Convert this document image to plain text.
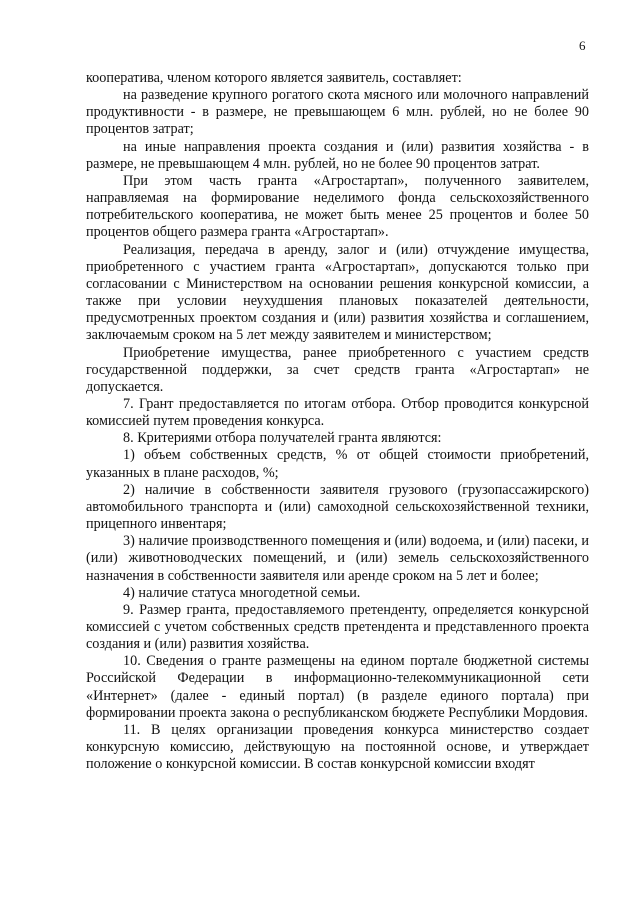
6

кооператива, членом которого является заявитель, составляет:

на разведение крупного рогатого скота мясного или молочного направлений продуктивности - в размере, не превышающем 6 млн. рублей, но не более 90 процентов затрат;

на иные направления проекта создания и (или) развития хозяйства - в размере, не превышающем 4 млн. рублей, но не более 90 процентов затрат.

При этом часть гранта «Агростартап», полученного заявителем, направляемая на формирование неделимого фонда сельскохозяйственного потребительского кооператива, не может быть менее 25 процентов и более 50 процентов общего размера гранта «Агростартап».

Реализация, передача в аренду, залог и (или) отчуждение имущества, приобретенного с участием гранта «Агростартап», допускаются только при согласовании с Министерством на основании решения конкурсной комиссии, а также при условии неухудшения плановых показателей деятельности, предусмотренных проектом создания и (или) развития хозяйства и соглашением, заключаемым сроком на 5 лет между заявителем и министерством;

Приобретение имущества, ранее приобретенного с участием средств государственной поддержки, за счет средств гранта «Агростартап» не допускается.

7. Грант предоставляется по итогам отбора. Отбор проводится конкурсной комиссией путем проведения конкурса.

8. Критериями отбора получателей гранта являются:

1) объем собственных средств, % от общей стоимости приобретений, указанных в плане расходов, %;

2) наличие в собственности заявителя грузового (грузопассажирского) автомобильного транспорта и (или) самоходной сельскохозяйственной техники, прицепного инвентаря;

3) наличие производственного помещения и (или) водоема, и (или) пасеки, и (или) животноводческих помещений, и (или) земель сельскохозяйственного назначения в собственности заявителя или аренде сроком на 5 лет и более;

4) наличие статуса многодетной семьи.

9. Размер гранта, предоставляемого претенденту, определяется конкурсной комиссией с учетом собственных средств претендента и представленного проекта создания и (или) развития хозяйства.

10. Сведения о гранте размещены на едином портале бюджетной системы Российской Федерации в информационно-телекоммуникационной сети «Интернет» (далее - единый портал) (в разделе единого портала) при формировании проекта закона о республиканском бюджете Республики Мордовия.

11. В целях организации проведения конкурса министерство создает конкурсную комиссию, действующую на постоянной основе, и утверждает положение о конкурсной комиссии. В состав конкурсной комиссии входят
